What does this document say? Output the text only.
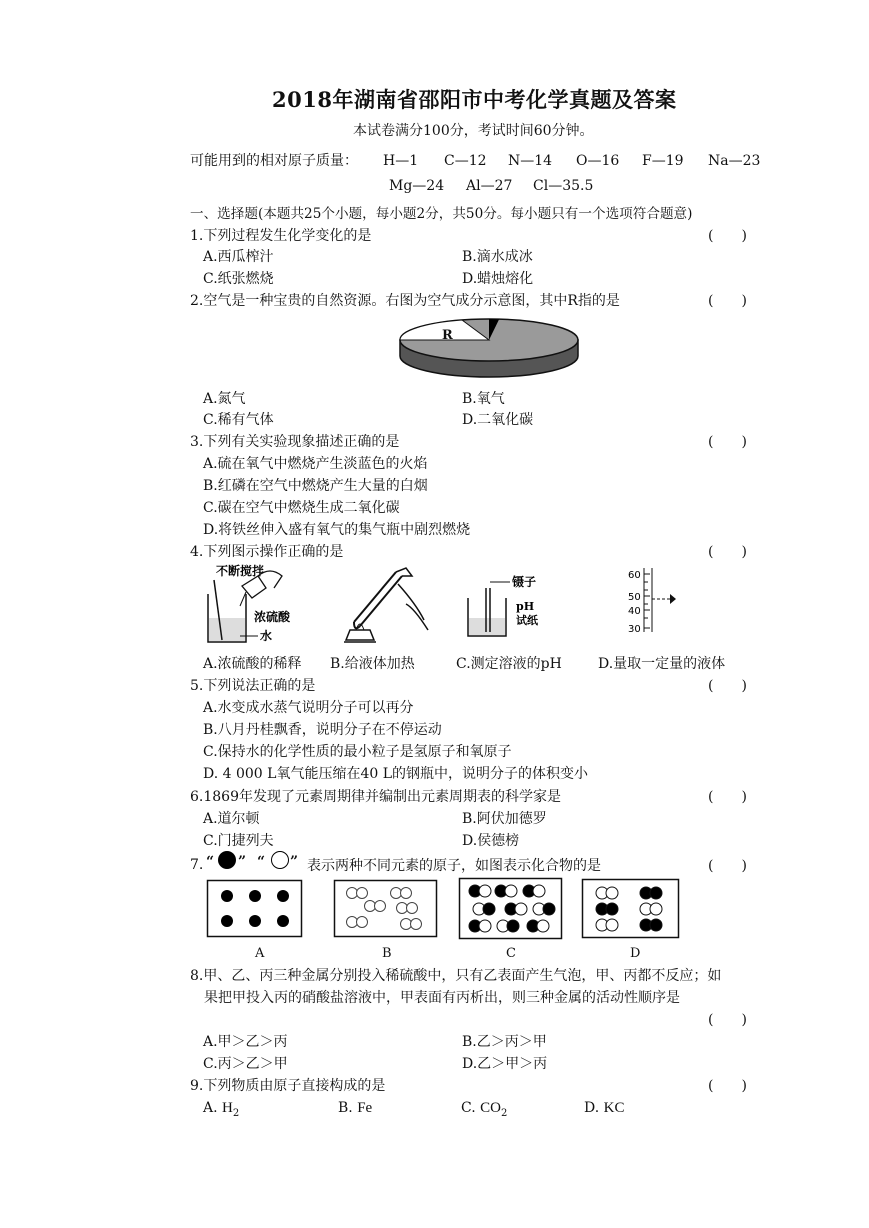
2018年湖南省邵阳市中考化学真题及答案
本试卷满分100分，考试时间60分钟。
可能用到的相对原子质量： H—1 C—12 N—14 O—16 F—19 Na—23
Mg—24 Al—27 Cl—35.5
一、选择题(本题共25个小题，每小题2分，共50分。每小题只有一个选项符合题意)
1.下列过程发生化学变化的是	(　　)
A.西瓜榨汁	B.滴水成冰
C.纸张燃烧	D.蜡烛熔化
2.空气是一种宝贵的自然资源。右图为空气成分示意图，其中R指的是	(　　)
R
A.氮气	B.氧气
C.稀有气体	D.二氧化碳
3.下列有关实验现象描述正确的是	(　　)
A.硫在氧气中燃烧产生淡蓝色的火焰
B.红磷在空气中燃烧产生大量的白烟
C.碳在空气中燃烧生成二氧化碳
D.将铁丝伸入盛有氧气的集气瓶中剧烈燃烧
4.下列图示操作正确的是	(　　)
不断搅拌
浓硫酸
水
镊子
pH
试纸
60
50
40
30
A.浓硫酸的稀释 B.给液体加热	C.测定溶液的pH	D.量取一定量的液体
5.下列说法正确的是	(　　)
A.水变成水蒸气说明分子可以再分
B.八月丹桂飘香，说明分子在不停运动
C.保持水的化学性质的最小粒子是氢原子和氧原子
D. 4 000 L氧气能压缩在40 L的钢瓶中，说明分子的体积变小
6.1869年发现了元素周期律并编制出元素周期表的科学家是	(　　)
A.道尔顿	B.阿伏加德罗
C.门捷列夫	D.侯德榜
7. “ ” “ ” 表示两种不同元素的原子，如图表示化合物的是	(　　)
A	B	C	D
8.甲、乙、丙三种金属分别投入稀硫酸中，只有乙表面产生气泡，甲、丙都不反应；如
果把甲投入丙的硝酸盐溶液中，甲表面有丙析出，则三种金属的活动性顺序是
(　　)
A.甲＞乙＞丙	B.乙＞丙＞甲
C.丙＞乙＞甲	D.乙＞甲＞丙
9.下列物质由原子直接构成的是	(　　)
A. $H_2$	B. Fe	C. $CO_2$	D. KC
